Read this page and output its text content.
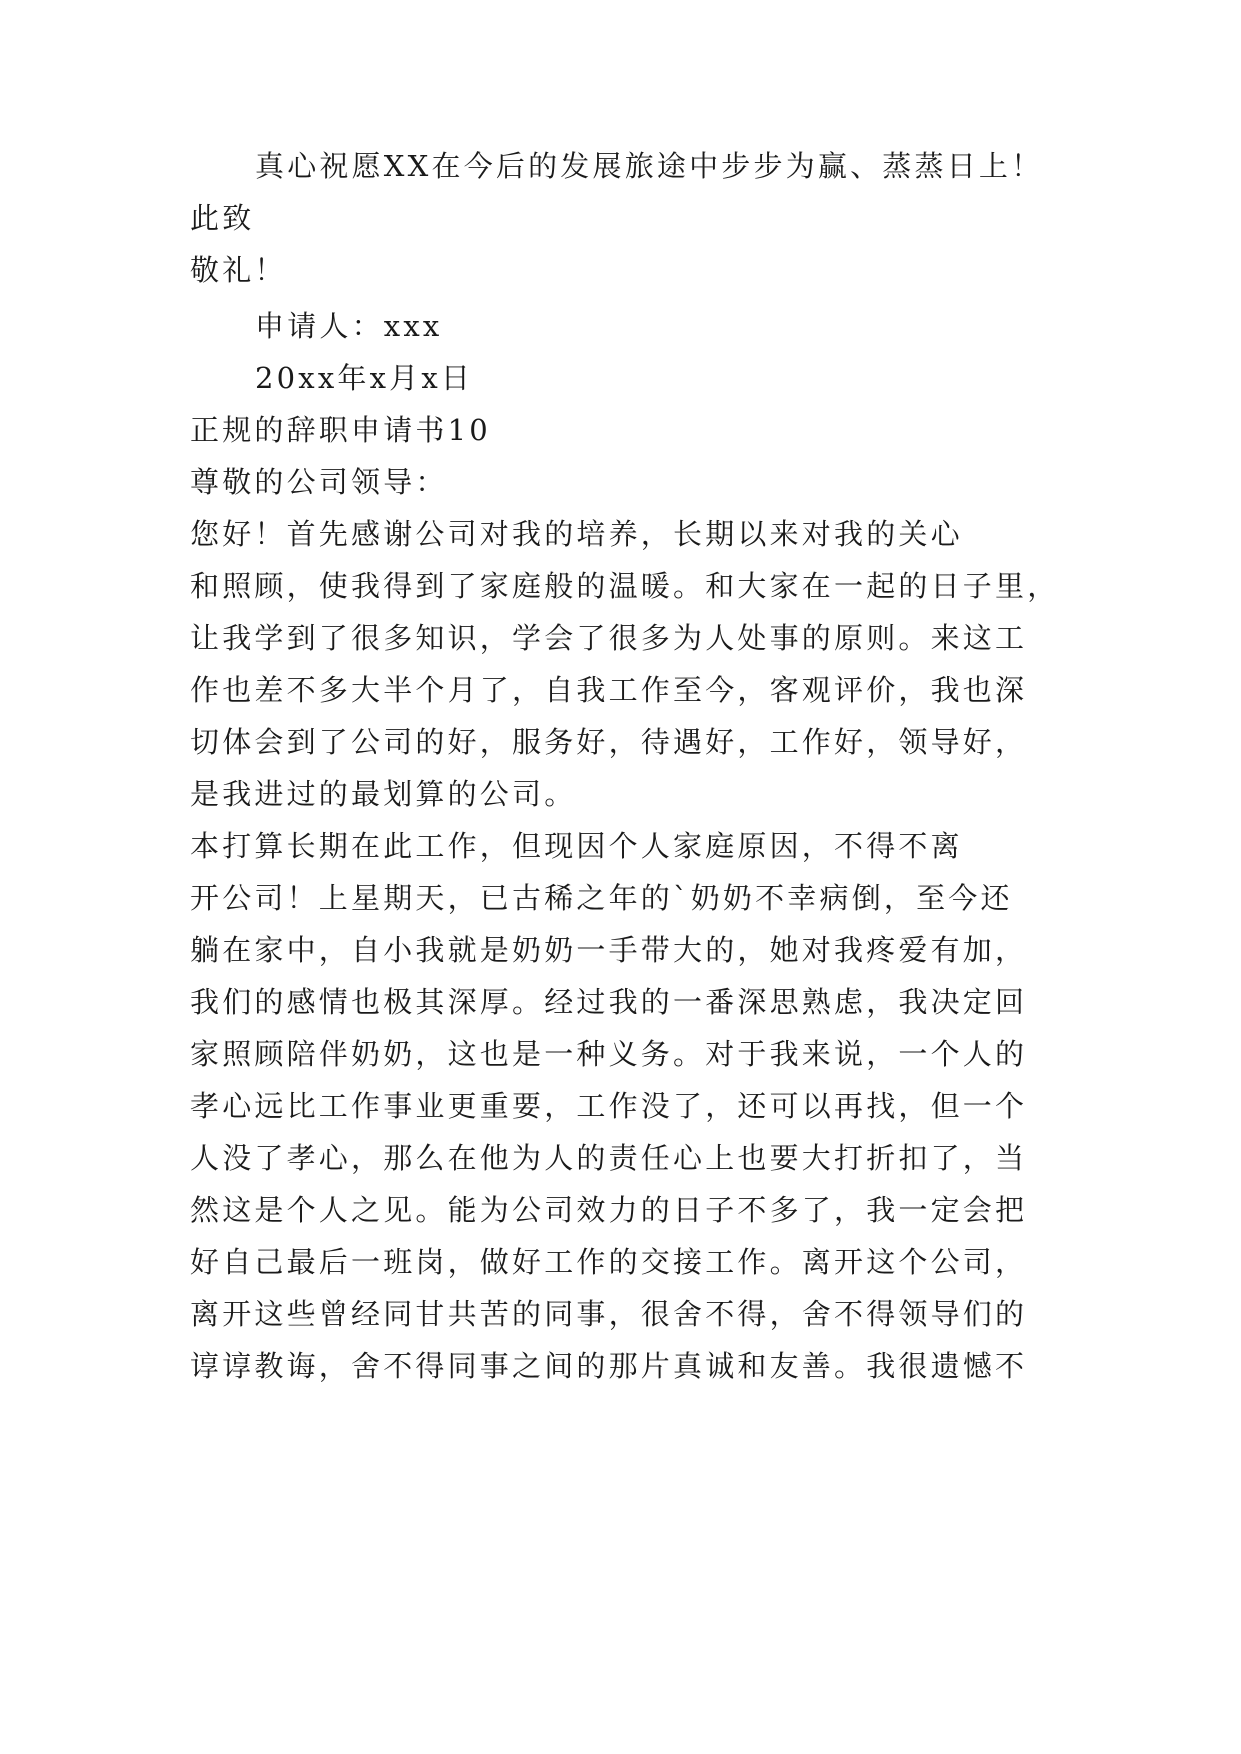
真心祝愿XX在今后的发展旅途中步步为赢、蒸蒸日上！
此致
敬礼！
申请人：xxx
20xx年x月x日
正规的辞职申请书10
尊敬的公司领导：
您好！首先感谢公司对我的培养，长期以来对我的关心
和照顾，使我得到了家庭般的温暖。和大家在一起的日子里，
让我学到了很多知识，学会了很多为人处事的原则。来这工
作也差不多大半个月了，自我工作至今，客观评价，我也深
切体会到了公司的好，服务好，待遇好，工作好，领导好，
是我进过的最划算的公司。
本打算长期在此工作，但现因个人家庭原因，不得不离
开公司！上星期天，已古稀之年的`奶奶不幸病倒，至今还
躺在家中，自小我就是奶奶一手带大的，她对我疼爱有加，
我们的感情也极其深厚。经过我的一番深思熟虑，我决定回
家照顾陪伴奶奶，这也是一种义务。对于我来说，一个人的
孝心远比工作事业更重要，工作没了，还可以再找，但一个
人没了孝心，那么在他为人的责任心上也要大打折扣了，当
然这是个人之见。能为公司效力的日子不多了，我一定会把
好自己最后一班岗，做好工作的交接工作。离开这个公司，
离开这些曾经同甘共苦的同事，很舍不得，舍不得领导们的
谆谆教诲，舍不得同事之间的那片真诚和友善。我很遗憾不
